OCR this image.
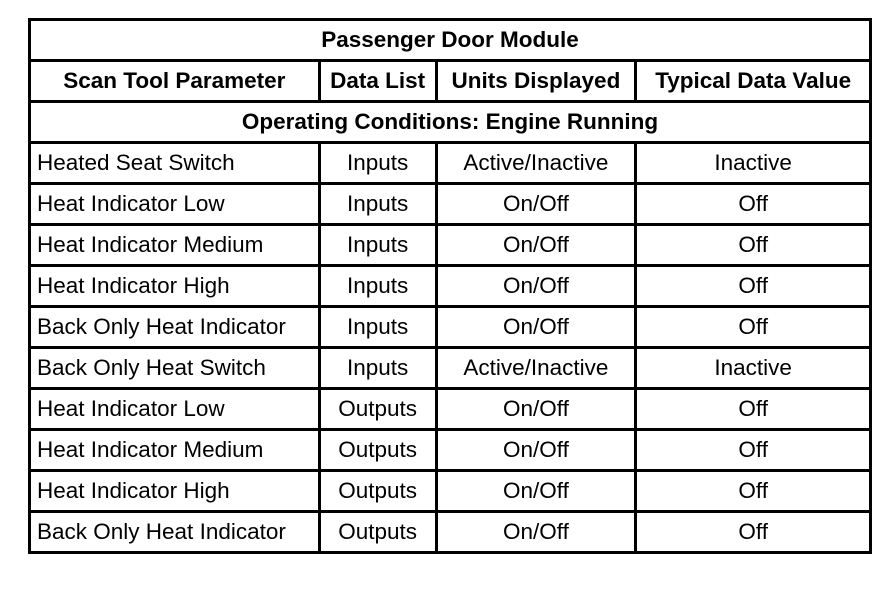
Passenger Door Module			
Scan Tool Parameter	Data List	Units Displayed	Typical Data Value
Operating Conditions: Engine Running			
Heated Seat Switch	Inputs	Active/Inactive	Inactive
Heat Indicator Low	Inputs	On/Off	Off
Heat Indicator Medium	Inputs	On/Off	Off
Heat Indicator High	Inputs	On/Off	Off
Back Only Heat Indicator	Inputs	On/Off	Off
Back Only Heat Switch	Inputs	Active/Inactive	Inactive
Heat Indicator Low	Outputs	On/Off	Off
Heat Indicator Medium	Outputs	On/Off	Off
Heat Indicator High	Outputs	On/Off	Off
Back Only Heat Indicator	Outputs	On/Off	Off
